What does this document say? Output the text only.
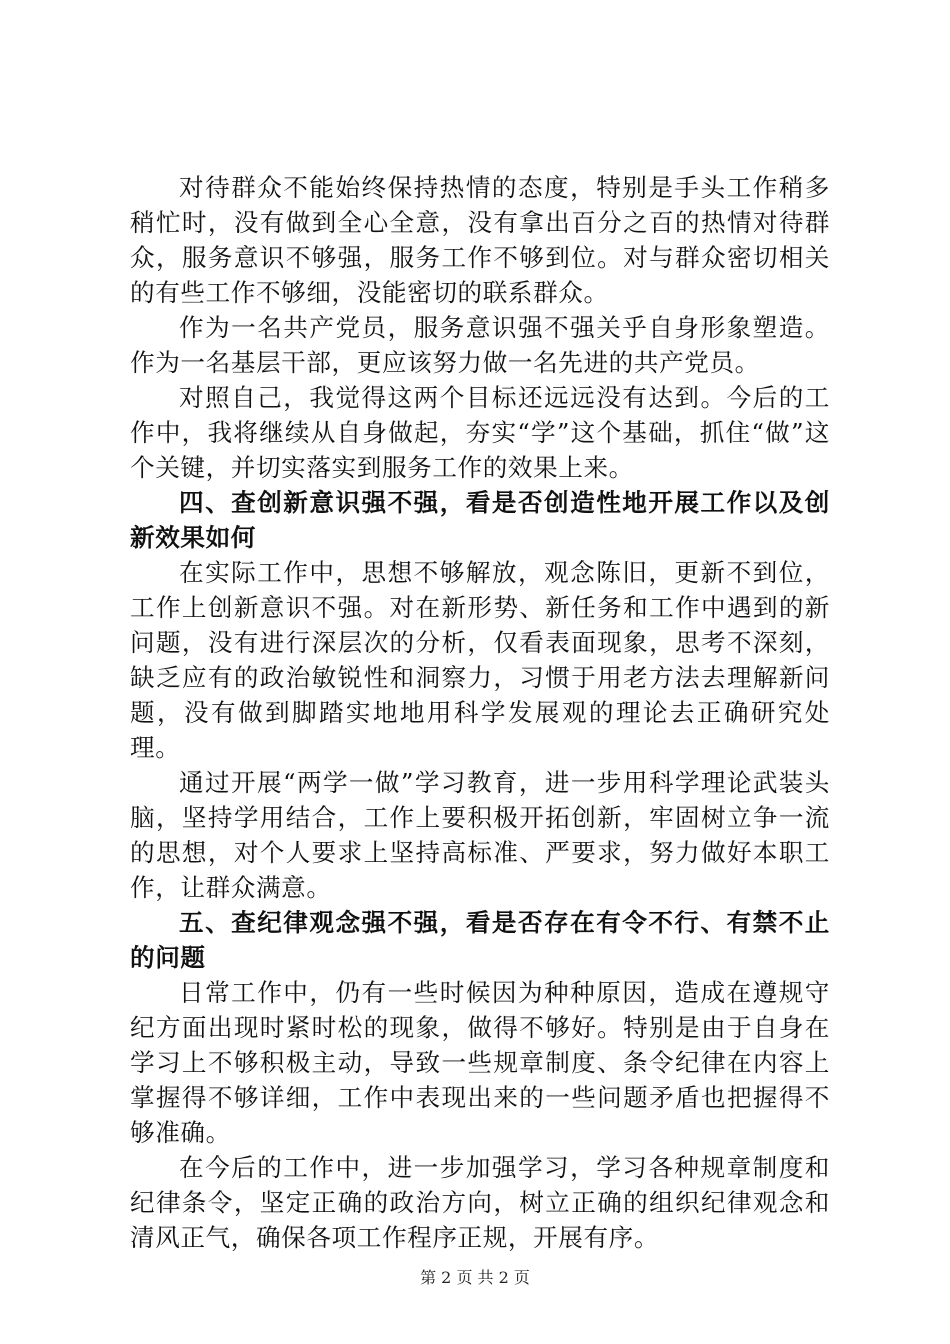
对待群众不能始终保持热情的态度，特别是手头工作稍多稍忙时，没有做到全心全意，没有拿出百分之百的热情对待群众，服务意识不够强，服务工作不够到位。对与群众密切相关的有些工作不够细，没能密切的联系群众。

作为一名共产党员，服务意识强不强关乎自身形象塑造。作为一名基层干部，更应该努力做一名先进的共产党员。

对照自己，我觉得这两个目标还远远没有达到。今后的工作中，我将继续从自身做起，夯实“学”这个基础，抓住“做”这个关键，并切实落实到服务工作的效果上来。

四、查创新意识强不强，看是否创造性地开展工作以及创新效果如何

在实际工作中，思想不够解放，观念陈旧，更新不到位，工作上创新意识不强。对在新形势、新任务和工作中遇到的新问题，没有进行深层次的分析，仅看表面现象，思考不深刻，缺乏应有的政治敏锐性和洞察力，习惯于用老方法去理解新问题，没有做到脚踏实地地用科学发展观的理论去正确研究处理。

通过开展“两学一做”学习教育，进一步用科学理论武装头脑，坚持学用结合，工作上要积极开拓创新，牢固树立争一流的思想，对个人要求上坚持高标准、严要求，努力做好本职工作，让群众满意。

五、查纪律观念强不强，看是否存在有令不行、有禁不止的问题

日常工作中，仍有一些时候因为种种原因，造成在遵规守纪方面出现时紧时松的现象，做得不够好。特别是由于自身在学习上不够积极主动，导致一些规章制度、条令纪律在内容上掌握得不够详细，工作中表现出来的一些问题矛盾也把握得不够准确。

在今后的工作中，进一步加强学习，学习各种规章制度和纪律条令，坚定正确的政治方向，树立正确的组织纪律观念和清风正气，确保各项工作程序正规，开展有序。

第 2 页 共 2 页
